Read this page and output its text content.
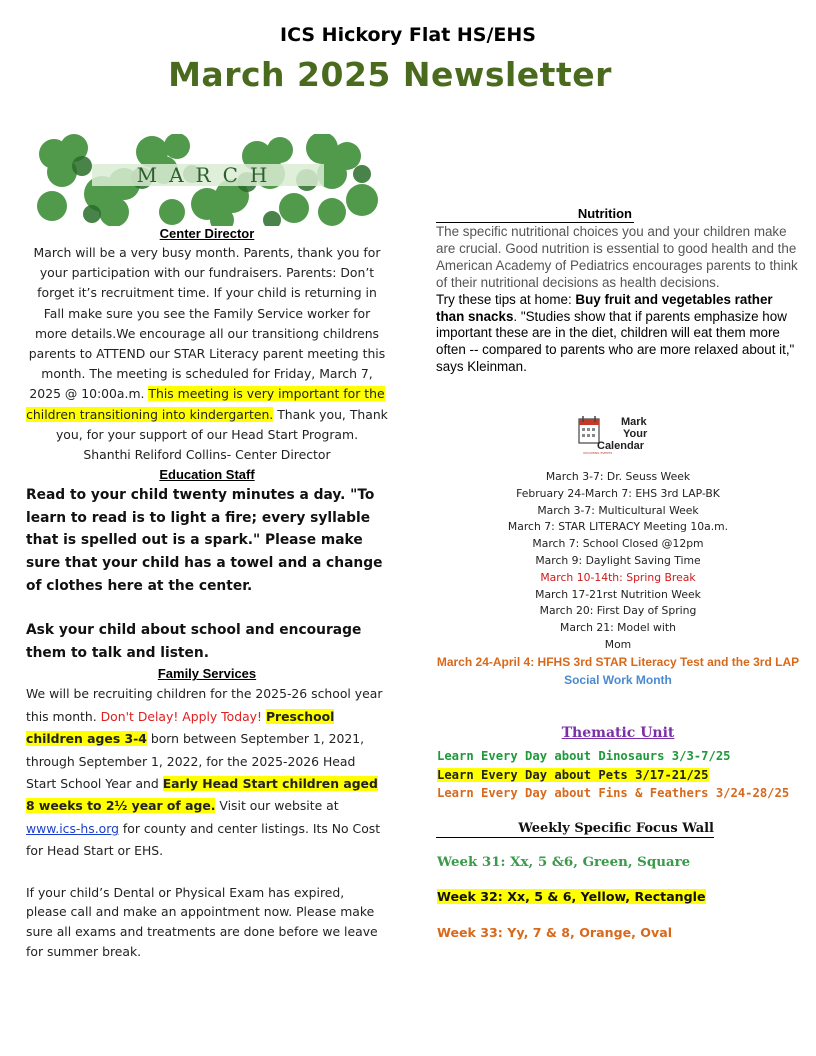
ICS Hickory Flat HS/EHS
March 2025 Newsletter
MARCH
Center Director
March will be a very busy month. Parents, thank you for your participation with our fundraisers. Parents: Don’t forget it’s recruitment time. If your child is returning in Fall make sure you see the Family Service worker for more details.We encourage all our transitiong childrens parents to ATTEND our STAR Literacy parent meeting this month. The meeting is scheduled for Friday, March 7, 2025 @ 10:00a.m. This meeting is very important for the children transitioning into kindergarten. Thank you, Thank you, for your support of our Head Start Program.
Shanthi Reliford Collins- Center Director
Education Staff
Read to your child twenty minutes a day. "To learn to read is to light a fire; every syllable that is spelled out is a spark." Please make sure that your child has a towel and a change of clothes here at the center.
Ask your child about school and encourage them to talk and listen.
Family Services
We will be recruiting children for the 2025-26 school year this month. Don't Delay! Apply Today! Preschool children ages 3-4 born between September 1, 2021, through September 1, 2022, for the 2025-2026 Head Start School Year and Early Head Start children aged 8 weeks to 2½ year of age. Visit our website at www.ics-hs.org for county and center listings. Its No Cost for Head Start or EHS.
If your child’s Dental or Physical Exam has expired, please call and make an appointment now. Please make sure all exams and treatments are done before we leave for summer break.
Nutrition
The specific nutritional choices you and your children make are crucial. Good nutrition is essential to good health and the American Academy of Pediatrics encourages parents to think of their nutritional decisions as health decisions.
Try these tips at home: Buy fruit and vegetables rather than snacks. "Studies show that if parents emphasize how important these are in the diet, children will eat them more often -- compared to parents who are more relaxed about it," says Kleinman.
Mark
Your
Calendar
UPCOMING EVENTS
March 3-7: Dr. Seuss Week
February 24-March 7: EHS 3rd LAP-BK
March 3-7: Multicultural Week
March 7: STAR LITERACY Meeting 10a.m.
March 7: School Closed @12pm
March 9: Daylight Saving Time
March 10-14th: Spring Break
March 17-21rst Nutrition Week
March 20: First Day of Spring
March 21: Model with
Mom
March 24-April 4: HFHS 3rd STAR Literacy Test and the 3rd LAP
Social Work Month
Thematic Unit
Learn Every Day about Dinosaurs 3/3-7/25
Learn Every Day about Pets 3/17-21/25
Learn Every Day about Fins & Feathers 3/24-28/25
Weekly Specific Focus Wall
Week 31: Xx, 5 &6, Green, Square
Week 32: Xx, 5 & 6, Yellow, Rectangle
Week 33: Yy, 7 & 8, Orange, Oval
